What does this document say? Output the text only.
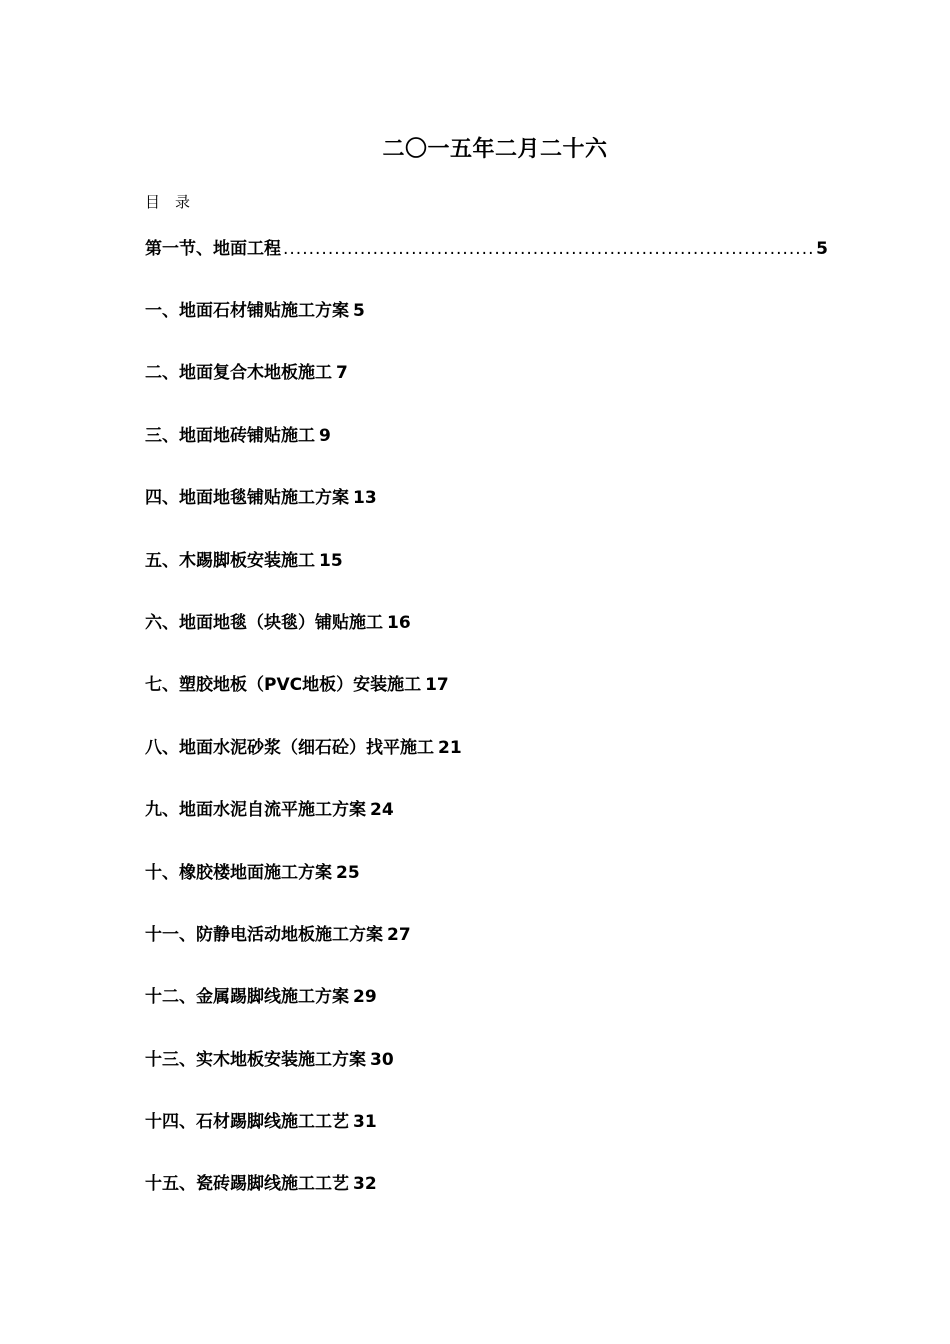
二〇一五年二月二十六
目录
第一节、地面工程
.....	5
一、地面石材铺贴施工方案 5
二、地面复合木地板施工 7
三、地面地砖铺贴施工 9
四、地面地毯铺贴施工方案 13
五、木踢脚板安装施工 15
六、地面地毯（块毯）铺贴施工 16
七、塑胶地板（PVC地板）安装施工 17
八、地面水泥砂浆（细石砼）找平施工 21
九、地面水泥自流平施工方案 24
十、橡胶楼地面施工方案 25
十一、防静电活动地板施工方案 27
十二、金属踢脚线施工方案 29
十三、实木地板安装施工方案 30
十四、石材踢脚线施工工艺 31
十五、瓷砖踢脚线施工工艺 32
